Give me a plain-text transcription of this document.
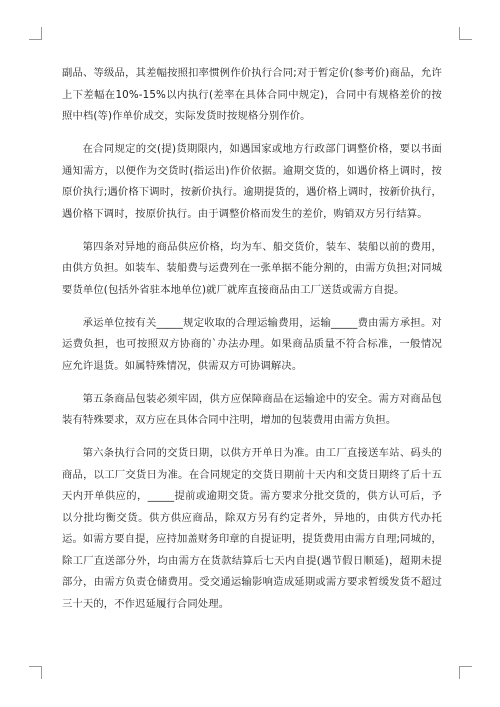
副品、等级品，其差幅按照扣率惯例作价执行合同;对于暂定价(参考价)商品，允许上下差幅在10%-15%以内执行(差率在具体合同中规定)，合同中有规格差价的按照中档(等)作单价成交，实际发货时按规格分别作价。

在合同规定的交(提)货期限内，如遇国家或地方行政部门调整价格，要以书面通知需方，以便作为交货时(指运出)作价依据。逾期交货的，如遇价格上调时，按原价执行;遇价格下调时，按新价执行。逾期提货的，遇价格上调时，按新价执行，遇价格下调时，按原价执行。由于调整价格而发生的差价，购销双方另行结算。

第四条对异地的商品供应价格，均为车、船交货价，装车、装船以前的费用，由供方负担。如装车、装船费与运费列在一张单据不能分割的，由需方负担;对同城要货单位(包括外省驻本地单位)就厂就库直接商品由工厂送货或需方自提。

承运单位按有关_____规定收取的合理运输费用，运输_____费由需方承担。对运费负担，也可按照双方协商的`办法办理。如果商品质量不符合标准，一般情况应允许退货。如属特殊情况，供需双方可协调解决。

第五条商品包装必须牢固，供方应保障商品在运输途中的安全。需方对商品包装有特殊要求，双方应在具体合同中注明，增加的包装费用由需方负担。

第六条执行合同的交货日期，以供方开单日为准。由工厂直接送车站、码头的商品，以工厂交货日为准。在合同规定的交货日期前十天内和交货日期终了后十五天内开单供应的，_____提前或逾期交货。需方要求分批交货的，供方认可后，予以分批均衡交货。供方供应商品，除双方另有约定者外，异地的，由供方代办托运。如需方要自提，应持加盖财务印章的自提证明，提货费用由需方自理;同城的，除工厂直送部分外，均由需方在货款结算后七天内自提(遇节假日顺延)，超期未提部分，由需方负责仓储费用。受交通运输影响造成延期或需方要求暂缓发货不超过三十天的，不作迟延履行合同处理。
